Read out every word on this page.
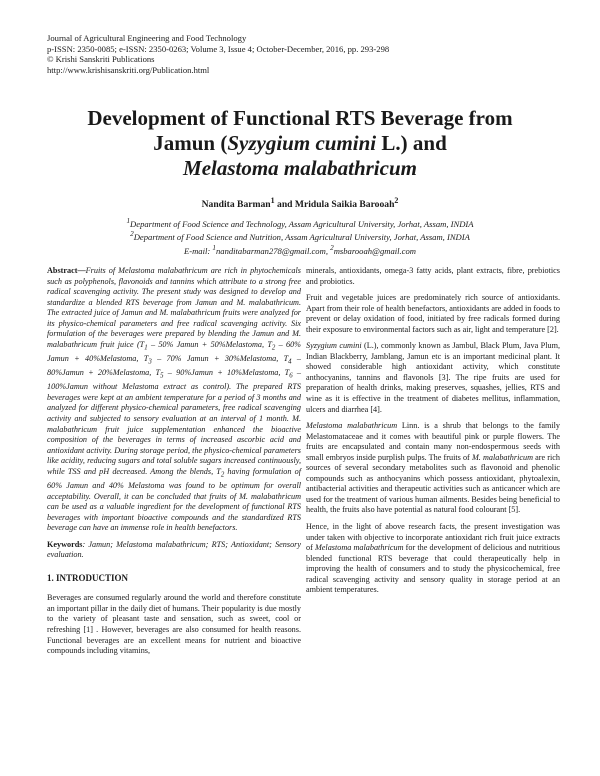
Journal of Agricultural Engineering and Food Technology
p-ISSN: 2350-0085; e-ISSN: 2350-0263; Volume 3, Issue 4; October-December, 2016, pp. 293-298
© Krishi Sanskriti Publications
http://www.krishisanskriti.org/Publication.html
Development of Functional RTS Beverage from
Jamun (Syzygium cumini L.) and
Melastoma malabathricum
Nandita Barman$^1$ and Mridula Saikia Barooah$^2$
$^1$Department of Food Science and Technology, Assam Agricultural University, Jorhat, Assam, INDIA
$^2$Department of Food Science and Nutrition, Assam Agricultural University, Jorhat, Assam, INDIA
E-mail: $^1$nanditabarman278@gmail.com, $^2$msbarooah@gmail.com

Abstract—Fruits of Melastoma malabathricum are rich in phytochemicals such as polyphenols, flavonoids and tannins which attribute to a strong free radical scavenging activity. The present study was designed to develop and standardize a blended RTS beverage from Jamun and M. malabathricum. The extracted juice of Jamun and M. malabathricum fruits were analyzed for its physico-chemical parameters and free radical scavenging activity. Six formulation of the beverages were prepared by blending the Jamun and M. malabathricum fruit juice ($T_1 - 50\%$ Jamun + 50%Melastoma, $T_2 - 60\%$ Jamun + 40%Melastoma, $T_3 - 70\%$ Jamun + 30%Melastoma, $T_4$ – 80%Jamun + 20%Melastoma, $T_5$ – 90%Jamun + 10%Melastoma, $T_6$ – 100%Jamun without Melastoma extract as control). The prepared RTS beverages were kept at an ambient temperature for a period of 3 months and analyzed for different physico-chemical parameters, free radical scavenging activity and subjected to sensory evaluation at an interval of 1 month. M. malabathricum fruit juice supplementation enhanced the bioactive composition of the beverages in terms of increased ascorbic acid and antioxidant activity. During storage period, the physico-chemical parameters like acidity, reducing sugars and total soluble sugars increased continuously, while TSS and pH decreased. Among the blends, $T_2$ having formulation of 60% Jamun and 40% Melastoma was found to be optimum for overall acceptability. Overall, it can be concluded that fruits of M. malabathricum can be used as a valuable ingredient for the development of functional RTS beverages with important bioactive compounds and the standardized RTS beverage can have an immense role in health benefactors.

Keywords: Jamun; Melastoma malabathricum; RTS; Antioxidant; Sensory evaluation.

1. INTRODUCTION

Beverages are consumed regularly around the world and therefore constitute an important pillar in the daily diet of humans. Their popularity is due mostly to the variety of pleasant taste and sensation, such as sweet, cool or refreshing [1] . However, beverages are also consumed for health reasons. Functional beverages are an excellent means for nutrient and bioactive compounds including vitamins,

minerals, antioxidants, omega-3 fatty acids, plant extracts, fibre, prebiotics and probiotics.

Fruit and vegetable juices are predominately rich source of antioxidants. Apart from their role of health benefactors, antioxidants are added in foods to prevent or delay oxidation of food, initiated by free radicals formed during their exposure to environmental factors such as air, light and temperature [2].

Syzygium cumini (L.), commonly known as Jambul, Black Plum, Java Plum, Indian Blackberry, Jamblang, Jamun etc is an important medicinal plant. It showed considerable high antioxidant activity, which constitute anthocyanins, tannins and flavonols [3]. The ripe fruits are used for preparation of health drinks, making preserves, squashes, jellies, RTS and wine as it is effective in the treatment of diabetes mellitus, inflammation, ulcers and diarrhea [4].

Melastoma malabathricum Linn. is a shrub that belongs to the family Melastomataceae and it comes with beautiful pink or purple flowers. The fruits are encapsulated and contain many non-endospermous seeds with small embryos inside purplish pulps. The fruits of M. malabathricum are rich sources of several secondary metabolites such as flavonoid and phenolic compounds such as anthocyanins which possess antioxidant, phytoalexin, antibacterial activities and therapeutic activities such as anticancer which are used for the treatment of various human ailments. Besides being beneficial to health, the fruits also have potential as natural food colourant [5].

Hence, in the light of above research facts, the present investigation was under taken with objective to incorporate antioxidant rich fruit juice extracts of Melastoma malabathricum for the development of delicious and nutritious blended functional RTS beverage that could therapeutically help in improving the health of consumers and to study the physicochemical, free radical scavenging activity and sensory quality in storage period at an ambient temperatures.
